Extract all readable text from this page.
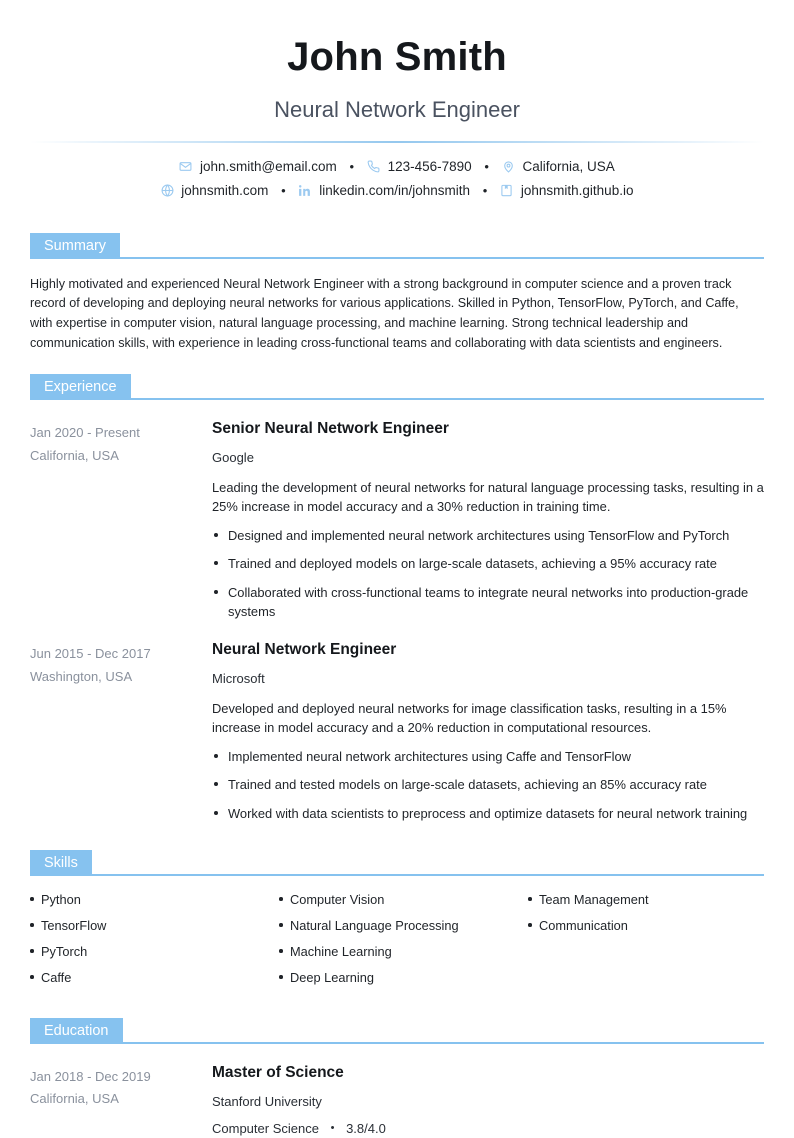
John Smith
Neural Network Engineer
john.smith@email.com • 123-456-7890 • California, USA
johnsmith.com • linkedin.com/in/johnsmith • johnsmith.github.io
Summary

Highly motivated and experienced Neural Network Engineer with a strong background in computer science and a proven track record of developing and deploying neural networks for various applications. Skilled in Python, TensorFlow, PyTorch, and Caffe, with expertise in computer vision, natural language processing, and machine learning. Strong technical leadership and communication skills, with experience in leading cross-functional teams and collaborating with data scientists and engineers.

Experience
Jan 2020 - Present
California, USA
Senior Neural Network Engineer
Google
Leading the development of neural networks for natural language processing tasks, resulting in a 25% increase in model accuracy and a 30% reduction in training time.
Designed and implemented neural network architectures using TensorFlow and PyTorch
Trained and deployed models on large-scale datasets, achieving a 95% accuracy rate
Collaborated with cross-functional teams to integrate neural networks into production-grade systems
Jun 2015 - Dec 2017
Washington, USA
Neural Network Engineer
Microsoft
Developed and deployed neural networks for image classification tasks, resulting in a 15% increase in model accuracy and a 20% reduction in computational resources.
Implemented neural network architectures using Caffe and TensorFlow
Trained and tested models on large-scale datasets, achieving an 85% accuracy rate
Worked with data scientists to preprocess and optimize datasets for neural network training
Skills
Python
TensorFlow
PyTorch
Caffe
Computer Vision
Natural Language Processing
Machine Learning
Deep Learning
Team Management
Communication
Education
Jan 2018 - Dec 2019
California, USA
Master of Science
Stanford University
Computer Science • 3.8/4.0
